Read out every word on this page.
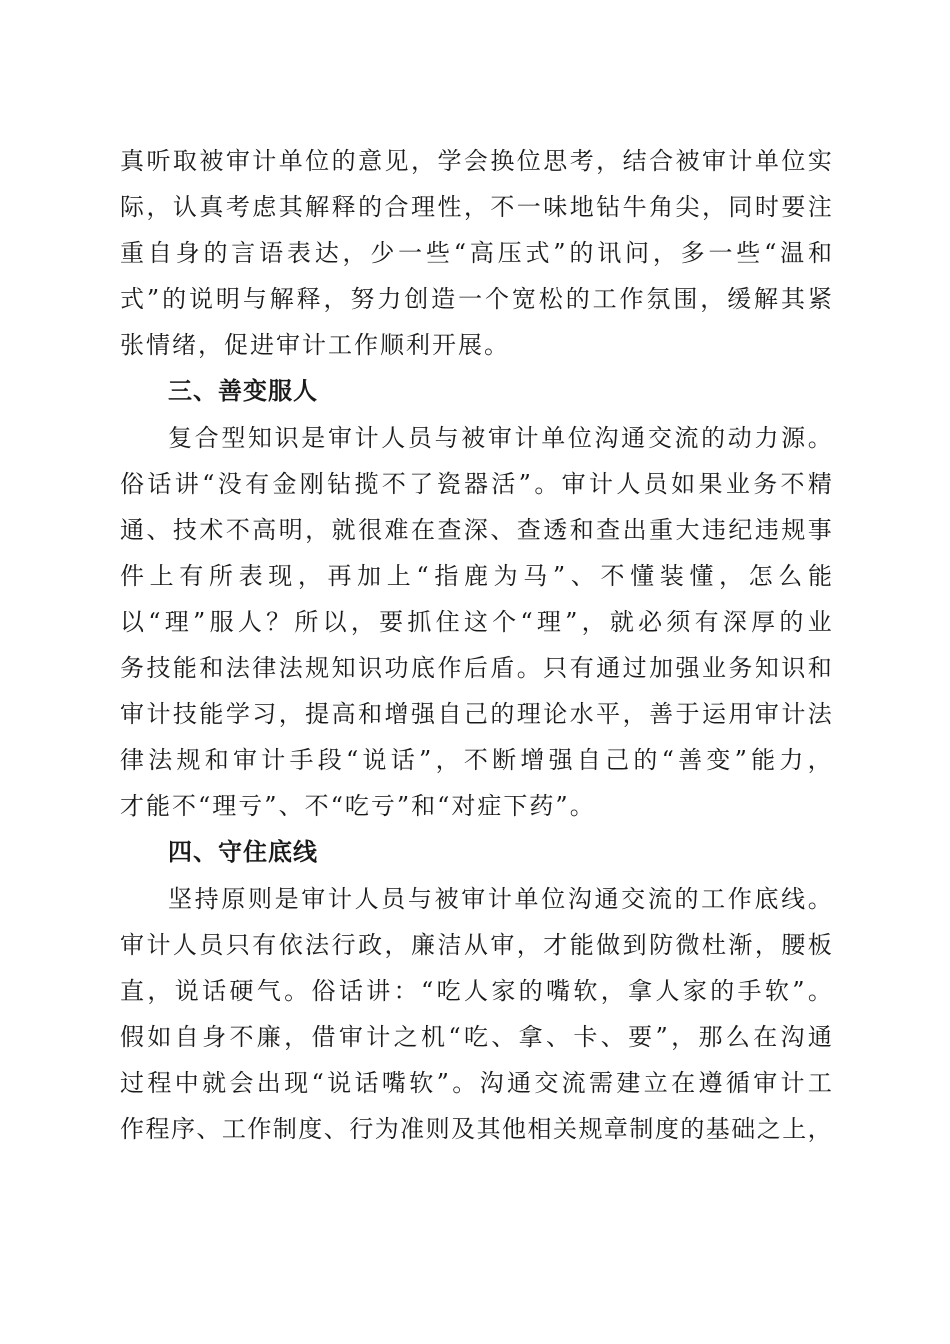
真 听 取 被 审 计 单 位 的 意 见 ， 学 会 换 位 思 考 ， 结 合 被 审 计 单 位 实
际 ， 认 真 考 虑 其 解 释 的 合 理 性 ， 不 一 味 地 钻 牛 角 尖 ， 同 时 要 注
重 自 身 的 言 语 表 达 ， 少 一 些 “ 高 压 式 ” 的 讯 问 ， 多 一 些 “ 温 和
式 ” 的 说 明 与 解 释 ， 努 力 创 造 一 个 宽 松 的 工 作 氛 围 ， 缓 解 其 紧
张 情 绪 ， 促 进 审 计 工 作 顺 利 开 展 。
三、善变服人
复 合 型 知 识 是 审 计 人 员 与 被 审 计 单 位 沟 通 交 流 的 动 力 源 。
俗 话 讲 “ 没 有 金 刚 钻 揽 不 了 瓷 器 活 ” 。 审 计 人 员 如 果 业 务 不 精
通 、 技 术 不 高 明 ， 就 很 难 在 查 深 、 查 透 和 查 出 重 大 违 纪 违 规 事
件 上 有 所 表 现 ， 再 加 上 “ 指 鹿 为 马 ” 、 不 懂 装 懂 ， 怎 么 能
以 “ 理 ” 服 人 ？ 所 以 ， 要 抓 住 这 个 “ 理 ” ， 就 必 须 有 深 厚 的 业
务 技 能 和 法 律 法 规 知 识 功 底 作 后 盾 。 只 有 通 过 加 强 业 务 知 识 和
审 计 技 能 学 习 ， 提 高 和 增 强 自 己 的 理 论 水 平 ， 善 于 运 用 审 计 法
律 法 规 和 审 计 手 段 “ 说 话 ” ， 不 断 增 强 自 己 的 “ 善 变 ” 能 力 ，
才 能 不 “ 理 亏 ” 、 不 “ 吃 亏 ” 和 “ 对 症 下 药 ” 。
四、守住底线
坚 持 原 则 是 审 计 人 员 与 被 审 计 单 位 沟 通 交 流 的 工 作 底 线 。
审 计 人 员 只 有 依 法 行 政 ， 廉 洁 从 审 ， 才 能 做 到 防 微 杜 渐 ， 腰 板
直 ， 说 话 硬 气 。 俗 话 讲 ： “ 吃 人 家 的 嘴 软 ， 拿 人 家 的 手 软 ” 。
假 如 自 身 不 廉 ， 借 审 计 之 机 “ 吃 、 拿 、 卡 、 要 ” ， 那 么 在 沟 通
过 程 中 就 会 出 现 “ 说 话 嘴 软 ” 。 沟 通 交 流 需 建 立 在 遵 循 审 计 工
作 程 序 、 工 作 制 度 、 行 为 准 则 及 其 他 相 关 规 章 制 度 的 基 础 之 上 ，
